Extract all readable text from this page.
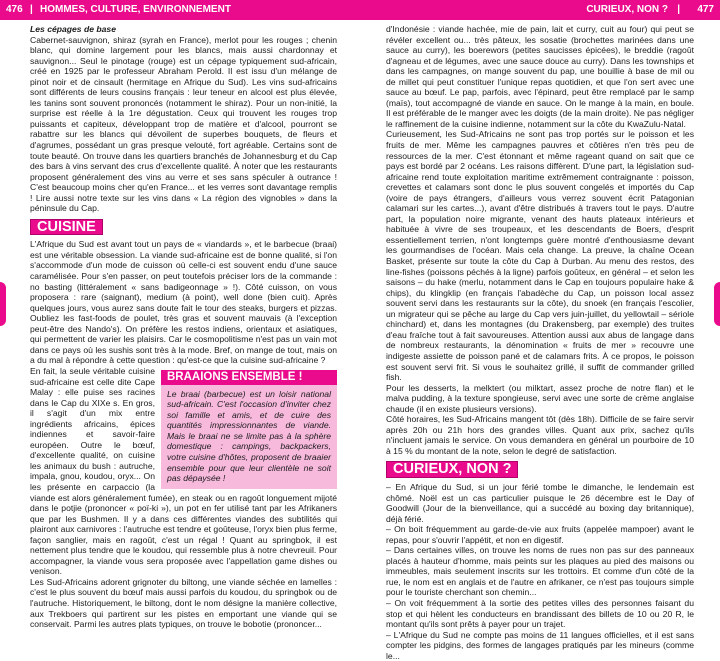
476 | HOMMES, CULTURE, ENVIRONNEMENT	CURIEUX, NON ? | 477

Les cépages de base

Cabernet-sauvignon, shiraz (syrah en France), merlot pour les rouges ; chenin blanc, qui domine largement pour les blancs, mais aussi chardonnay et sauvignon... Seul le pinotage (rouge) est un cépage typiquement sud-africain, créé en 1925 par le professeur Abraham Perold. Il est issu d'un mélange de pinot noir et de cinsault (hermitage en Afrique du Sud). Les vins sud-africains sont différents de leurs cousins français : leur teneur en alcool est plus élevée, les tanins sont souvent prononcés (notamment le shiraz). Pour un non-initié, la surprise est réelle à la 1re dégustation. Ceux qui trouvent les rouges trop puissants et capiteux, développant trop de matière et d'alcool, pourront se rabattre sur les blancs qui dévoilent de superbes bouquets, de fleurs et d'agrumes, possédant un gras presque velouté, fort agréable. Certains sont de toute beauté. On trouve dans les quartiers branchés de Johannesburg et du Cap des bars à vins servant des crus d'excellente qualité. À noter que les restaurants proposent généralement des vins au verre et ses sans spéculer à outrance ! C'est beaucoup moins cher qu'en France... et les verres sont davantage remplis ! Lire aussi notre texte sur les vins dans « La région des vignobles » dans la péninsule du Cap.

CUISINE

L'Afrique du Sud est avant tout un pays de « viandards », et le barbecue (braai) est une véritable obsession. La viande sud-africaine est de bonne qualité, si l'on s'accommode d'un mode de cuisson où celle-ci est souvent endu d'une sauce caramélisée. Pour s'en passer, on peut toutefois préciser lors de la commande : no basting (littéralement « sans badigeonnage » !). Côté cuisson, on vous proposera : rare (saignant), medium (à point), well done (bien cuit). Après quelques jours, vous aurez sans doute fait le tour des steaks, burgers et pizzas. Oubliez les fast-foods de poulet, très gras et souvent mauvais (à l'exception peut-être des Nando's). On préfère les restos indiens, orientaux et asiatiques, qui permettent de varier les plaisirs. Car le cosmopolitisme n'est pas un vain mot dans ce pays où les sushis sont très à la mode. Bref, on mange de tout, mais on a du mal à répondre à cette question : qu'est-ce que la cuisine sud-africaine ?

BRAAIONS ENSEMBLE !
Le braai (barbecue) est un loisir national sud-africain. C'est l'occasion d'inviter chez soi famille et amis, et de cuire des quantités impressionnantes de viande. Mais le braai ne se limite pas à la sphère domestique : campings, backpackers, votre cuisine d'hôtes, proposent de braaier ensemble pour que leur clientèle ne soit pas dépaysée !

En fait, la seule véritable cuisine sud-africaine est celle dite Cape Malay : elle puise ses racines dans le Cap du XIXe s. En gros, il s'agit d'un mix entre ingrédients africains, épices indiennes et savoir-faire européen. Outre le bœuf, d'excellente qualité, on cuisine les animaux du bush : autruche, impala, gnou, koudou, oryx... On les présente en carpaccio (la viande est alors généralement fumée), en steak ou en ragoût longuement mijoté dans le potjie (prononcer « poï-ki »), un pot en fer utilisé tant par les Afrikaners que par les Bushmen. Il y a dans ces différentes viandes des subtilités qui plairont aux carnivores : l'autruche est tendre et goûteuse, l'oryx bien plus ferme, façon sanglier, mais en ragoût, c'est un régal ! Quant au springbok, il est nettement plus tendre que le koudou, qui ressemble plus à notre chevreuil. Pour accompagner, la viande vous sera proposée avec l'appellation game dishes ou venison.

Les Sud-Africains adorent grignoter du biltong, une viande séchée en lamelles : c'est le plus souvent du bœuf mais aussi parfois du koudou, du springbok ou de l'autruche. Historiquement, le biltong, dont le nom désigne la manière collective, aux Trekboers qui partirent sur les pistes en emportant une viande qui se conservait. Parmi les autres plats typiques, on trouve le bobotie (prononcer...

d'Indonésie : viande hachée, mie de pain, lait et curry, cuit au four) qui peut se révéler excellent ou... très pâteux, les sosatie (brochettes marinées dans une sauce au curry), les boerewors (petites saucisses épicées), le breddie (ragoût d'agneau et de légumes, avec une sauce douce au curry). Dans les townships et dans les campagnes, on mange souvent du pap, une bouillie à base de mil ou de millet qui peut constituer l'unique repas quotidien, et que l'on sert avec une sauce au bœuf. Le pap, parfois, avec l'épinard, peut être remplacé par le samp (maïs), tout accompagné de viande en sauce. On le mange à la main, en boule. Il est préférable de le manger avec les doigts (de la main droite). Ne pas négliger le raffinement de la cuisine indienne, notamment sur la côte du KwaZulu-Natal.

Curieusement, les Sud-Africains ne sont pas trop portés sur le poisson et les fruits de mer. Même les campagnes pauvres et côtières n'en très peu de ressources de la mer. C'est étonnant et même rageant quand on sait que ce pays est bordé par 2 océans. Les raisons diffèrent. D'une part, la législation sud-africaine rend toute exploitation maritime extrêmement contraignante : poisson, crevettes et calamars sont donc le plus souvent congelés et importés du Cap (voire de pays étrangers, d'ailleurs vous verrez souvent écrit Patagonian calamari sur les cartes...), avant d'être distribués à travers tout le pays. D'autre part, la population noire migrante, venant des hauts plateaux intérieurs et habituée à vivre de ses troupeaux, et les descendants de Boers, d'esprit essentiellement terrien, n'ont longtemps guère montré d'enthousiasme devant les gourmandises de l'océan. Mais cela change. La preuve, la chaîne Ocean Basket, présente sur toute la côte du Cap à Durban. Au menu des restos, des line-fishes (poissons péchés à la ligne) parfois goûteux, en général – et selon les saisons – du hake (merlu, notamment dans le Cap en toujours populaire hake & chips), du klingklip (en français l'abadèche du Cap, un poisson local assez souvent servi dans les restaurants sur la côte), du snoek (en français l'escolier, un migrateur qui se pêche au large du Cap vers juin-juillet, du yellowtail – sériole chinchard) et, dans les montagnes (du Drakensberg, par exemple) des truites d'eau fraîche tout à fait savoureuses. Attention aussi aux abus de langage dans de nombreux restaurants, la dénomination « fruits de mer » recouvre une indigeste assiette de poisson pané et de calamars frits. À ce propos, le poisson est souvent servi frit. Si vous le souhaitez grillé, il suffit de commander grilled fish.

Pour les desserts, la melktert (ou milktart, assez proche de notre flan) et le malva pudding, à la texture spongieuse, servi avec une sorte de crème anglaise chaude (il en existe plusieurs versions).

Côté horaires, les Sud-Africains mangent tôt (dès 18h). Difficile de se faire servir après 20h ou 21h hors des grandes villes. Quant aux prix, sachez qu'ils n'incluent jamais le service. On vous demandera en général un pourboire de 10 à 15 % du montant de la note, selon le degré de satisfaction.

CURIEUX, NON ?

– En Afrique du Sud, si un jour férié tombe le dimanche, le lendemain est chômé. Noël est un cas particulier puisque le 26 décembre est le Day of Goodwill (Jour de la bienveillance, qui a succédé au boxing day britannique), déjà férié.

– On boit fréquemment au garde-de-vie aux fruits (appelée mampoer) avant le repas, pour s'ouvrir l'appétit, et non en digestif.

– Dans certaines villes, on trouve les noms de rues non pas sur des panneaux placés à hauteur d'homme, mais peints sur les plaques au pied des maisons ou immeubles, mais seulement inscrits sur les trottoirs. Et comme d'un côté de la rue, le nom est en anglais et de l'autre en afrikaner, ce n'est pas toujours simple pour le touriste cherchant son chemin...

– On voit fréquemment à la sortie des petites villes des personnes faisant du stop et qui hèlent les conducteurs en brandissant des billets de 10 ou 20 R, le montant qu'ils sont prêts à payer pour un trajet.

– L'Afrique du Sud ne compte pas moins de 11 langues officielles, et il est sans compter les pidgins, des formes de langages pratiqués par les mineurs (comme le...
